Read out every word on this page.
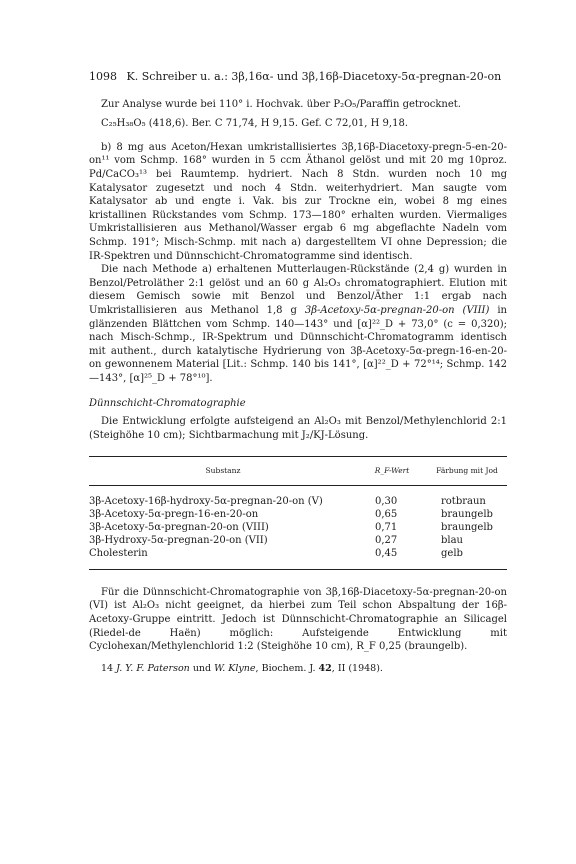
1098 K. Schreiber u. a.: 3β,16α- und 3β,16β-Diacetoxy-5α-pregnan-20-on

Zur Analyse wurde bei 110° i. Hochvak. über P₂O₅/Paraffin getrocknet.

C₂₅H₃₈O₅ (418,6). Ber. C 71,74, H 9,15. Gef. C 72,01, H 9,18.

b) 8 mg aus Aceton/Hexan umkristallisiertes 3β,16β-Diacetoxy-pregn-5-en-20-on¹¹ vom Schmp. 168° wurden in 5 ccm Äthanol gelöst und mit 20 mg 10proz. Pd/CaCO₃¹³ bei Raumtemp. hydriert. Nach 8 Stdn. wurden noch 10 mg Katalysator zugesetzt und noch 4 Stdn. weiterhydriert. Man saugte vom Katalysator ab und engte i. Vak. bis zur Trockne ein, wobei 8 mg eines kristallinen Rückstandes vom Schmp. 173—180° erhalten wurden. Viermaliges Umkristallisieren aus Methanol/Wasser ergab 6 mg abgeflachte Nadeln vom Schmp. 191°; Misch-Schmp. mit nach a) dargestelltem VI ohne Depression; die IR-Spektren und Dünnschicht-Chromatogramme sind identisch.

Die nach Methode a) erhaltenen Mutterlaugen-Rückstände (2,4 g) wurden in Benzol/Petroläther 2:1 gelöst und an 60 g Al₂O₃ chromatographiert. Elution mit diesem Gemisch sowie mit Benzol und Benzol/Äther 1:1 ergab nach Umkristallisieren aus Methanol 1,8 g 3β-Acetoxy-5α-pregnan-20-on (VIII) in glänzenden Blättchen vom Schmp. 140—143° und [α]²²_D + 73,0° (c = 0,320); nach Misch-Schmp., IR-Spektrum und Dünnschicht-Chromatogramm identisch mit authent., durch katalytische Hydrierung von 3β-Acetoxy-5α-pregn-16-en-20-on gewonnenem Material [Lit.: Schmp. 140 bis 141°, [α]²²_D + 72°¹⁴; Schmp. 142—143°, [α]²⁵_D + 78°¹⁰].

Dünnschicht-Chromatographie

Die Entwicklung erfolgte aufsteigend an Al₂O₃ mit Benzol/Methylenchlorid 2:1 (Steighöhe 10 cm); Sichtbarmachung mit J₂/KJ-Lösung.

Substanz	R_F-Wert	Färbung mit Jod
3β-Acetoxy-16β-hydroxy-5α-pregnan-20-on (V)	0,30	rotbraun
3β-Acetoxy-5α-pregn-16-en-20-on	0,65	braungelb
3β-Acetoxy-5α-pregnan-20-on (VIII)	0,71	braungelb
3β-Hydroxy-5α-pregnan-20-on (VII)	0,27	blau
Cholesterin	0,45	gelb

Für die Dünnschicht-Chromatographie von 3β,16β-Diacetoxy-5α-pregnan-20-on (VI) ist Al₂O₃ nicht geeignet, da hierbei zum Teil schon Abspaltung der 16β-Acetoxy-Gruppe eintritt. Jedoch ist Dünnschicht-Chromatographie an Silicagel (Riedel-de Haën) möglich: Aufsteigende Entwicklung mit Cyclohexan/Methylenchlorid 1:2 (Steighöhe 10 cm), R_F 0,25 (braungelb).

14 J. Y. F. Paterson und W. Klyne, Biochem. J. 42, II (1948).
